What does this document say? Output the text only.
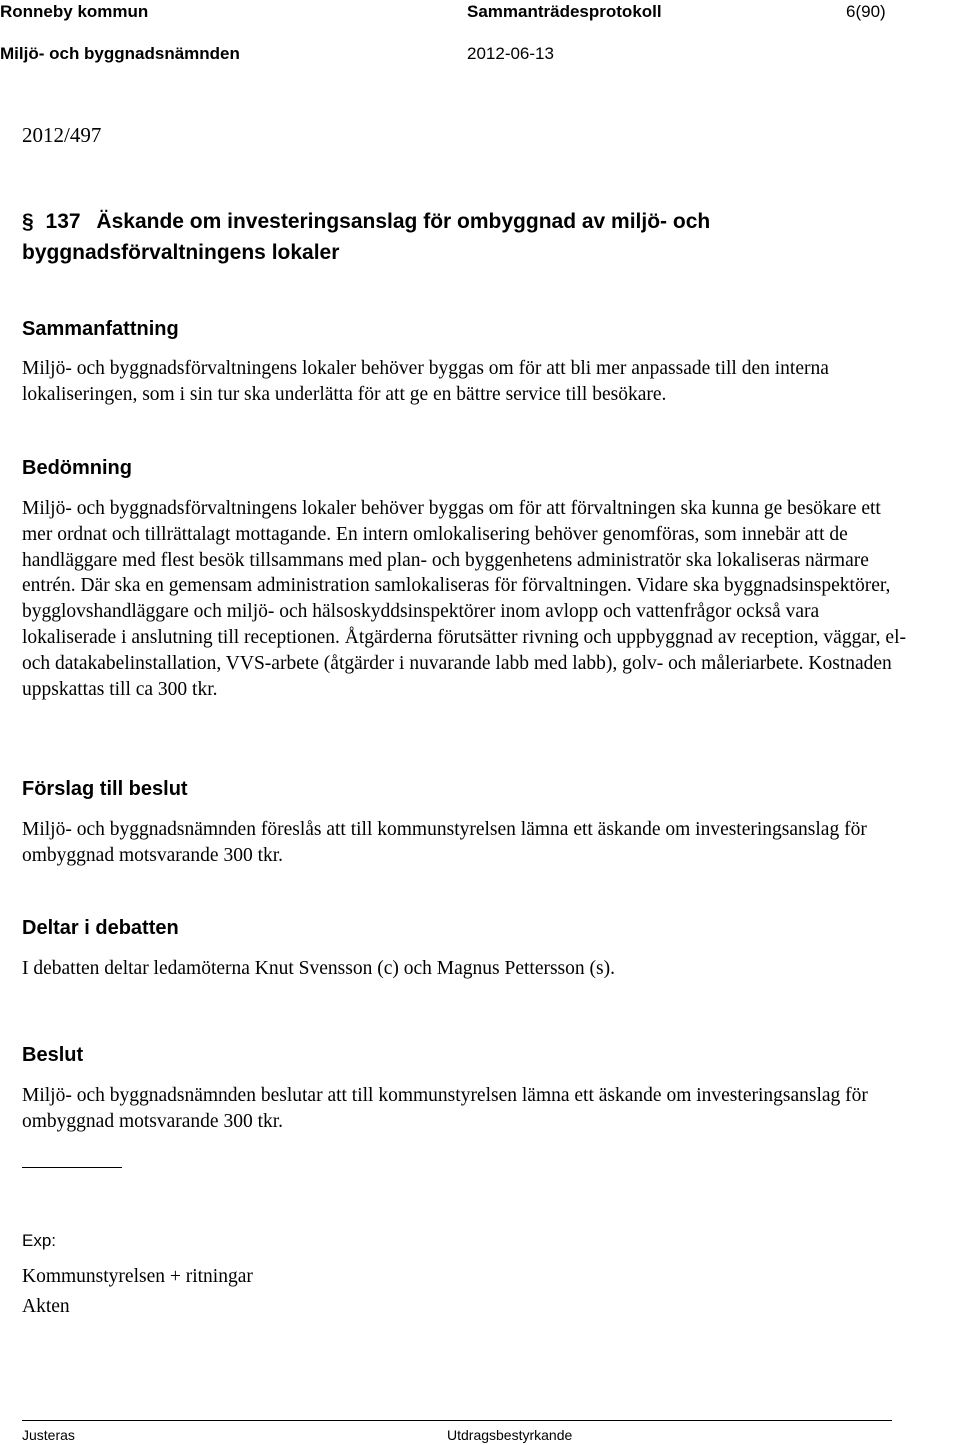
Ronneby kommun	Sammanträdesprotokoll	6(90)
Miljö- och byggnadsnämnden	2012-06-13
2012/497
§ 137 Äskande om investeringsanslag för ombyggnad av miljö- och byggnadsförvaltningens lokaler
Sammanfattning

Miljö- och byggnadsförvaltningens lokaler behöver byggas om för att bli mer anpassade till den interna lokaliseringen, som i sin tur ska underlätta för att ge en bättre service till besökare.

Bedömning

Miljö- och byggnadsförvaltningens lokaler behöver byggas om för att förvaltningen ska kunna ge besökare ett mer ordnat och tillrättalagt mottagande. En intern omlokalisering behöver genomföras, som innebär att de handläggare med flest besök tillsammans med plan- och byggenhetens administratör ska lokaliseras närmare entrén. Där ska en gemensam administration samlokaliseras för förvaltningen. Vidare ska byggnadsinspektörer, bygglovshandläggare och miljö- och hälsoskyddsinspektörer inom avlopp och vattenfrågor också vara lokaliserade i anslutning till receptionen. Åtgärderna förutsätter rivning och uppbyggnad av reception, väggar, el- och datakabelinstallation, VVS-arbete (åtgärder i nuvarande labb med labb), golv- och måleriarbete. Kostnaden uppskattas till ca 300 tkr.

Förslag till beslut

Miljö- och byggnadsnämnden föreslås att till kommunstyrelsen lämna ett äskande om investeringsanslag för ombyggnad motsvarande 300 tkr.

Deltar i debatten

I debatten deltar ledamöterna Knut Svensson (c) och Magnus Pettersson (s).

Beslut

Miljö- och byggnadsnämnden beslutar att till kommunstyrelsen lämna ett äskande om investeringsanslag för ombyggnad motsvarande 300 tkr.

Exp:
Kommunstyrelsen + ritningar
Akten
Justeras	Utdragsbestyrkande
